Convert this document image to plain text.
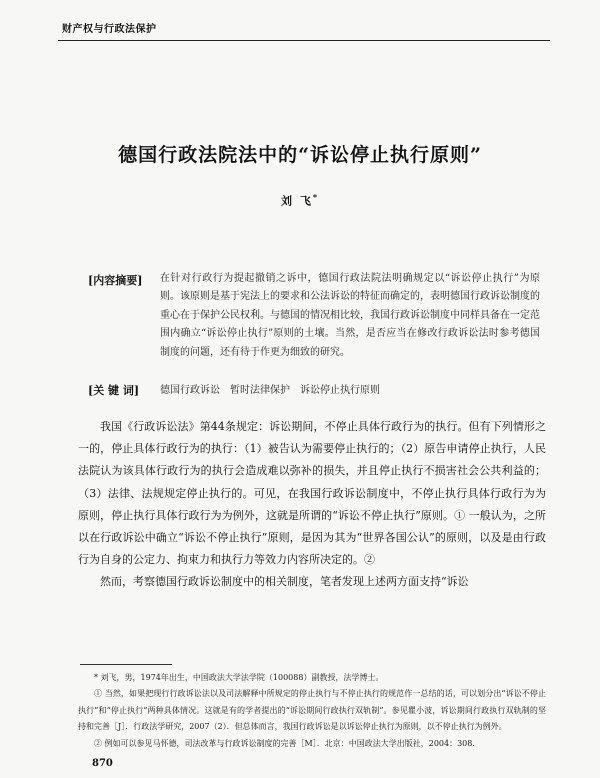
财产权与行政法保护
德国行政法院法中的“诉讼停止执行原则”
刘 飞*
[内容摘要] 在针对行政行为提起撤销之诉中，德国行政法院法明确规定以“诉讼停止执行”为原则。该原则是基于宪法上的要求和公法诉讼的特征而确定的，表明德国行政诉讼制度的重心在于保护公民权利。与德国的情况相比较，我国行政诉讼制度中同样具备在一定范围内确立“诉讼停止执行”原则的土壤。当然，是否应当在修改行政诉讼法时参考德国制度的问题，还有待于作更为细致的研究。
[关 键 词] 德国行政诉讼　暂时法律保护　诉讼停止执行原则

我国《行政诉讼法》第44条规定：诉讼期间，不停止具体行政行为的执行。但有下列情形之一的，停止具体行政行为的执行：（1）被告认为需要停止执行的；（2）原告申请停止执行，人民法院认为该具体行政行为的执行会造成难以弥补的损失，并且停止执行不损害社会公共利益的；（3）法律、法规规定停止执行的。可见，在我国行政诉讼制度中，不停止执行具体行政行为为原则，停止执行具体行政行为为例外，这就是所谓的“诉讼不停止执行”原则。① 一般认为，之所以在行政诉讼中确立“诉讼不停止执行”原则，是因为其为“世界各国公认”的原则，以及是由行政行为自身的公定力、拘束力和执行力等效力内容所决定的。②

然而，考察德国行政诉讼制度中的相关制度，笔者发现上述两方面支持“诉讼

* 刘飞，男，1974年出生，中国政法大学法学院（100088）副教授，法学博士。

① 当然，如果把现行行政诉讼法以及司法解释中所规定的停止执行与不停止执行的规范作一总结的话，可以划分出“诉讼不停止执行”和“停止执行”两种具体情况。这就是有的学者提出的“诉讼期间行政执行双轨制”。参见瞿小波，诉讼期间行政执行双轨制的坚持和完善［J］．行政法学研究，2007（2）．但总体而言，我国行政诉讼是以诉讼停止执行为原则，以不停止执行为例外。

② 例如可以参见马怀德，司法改革与行政诉讼制度的完善［M］．北京：中国政法大学出版社，2004：308.

870
